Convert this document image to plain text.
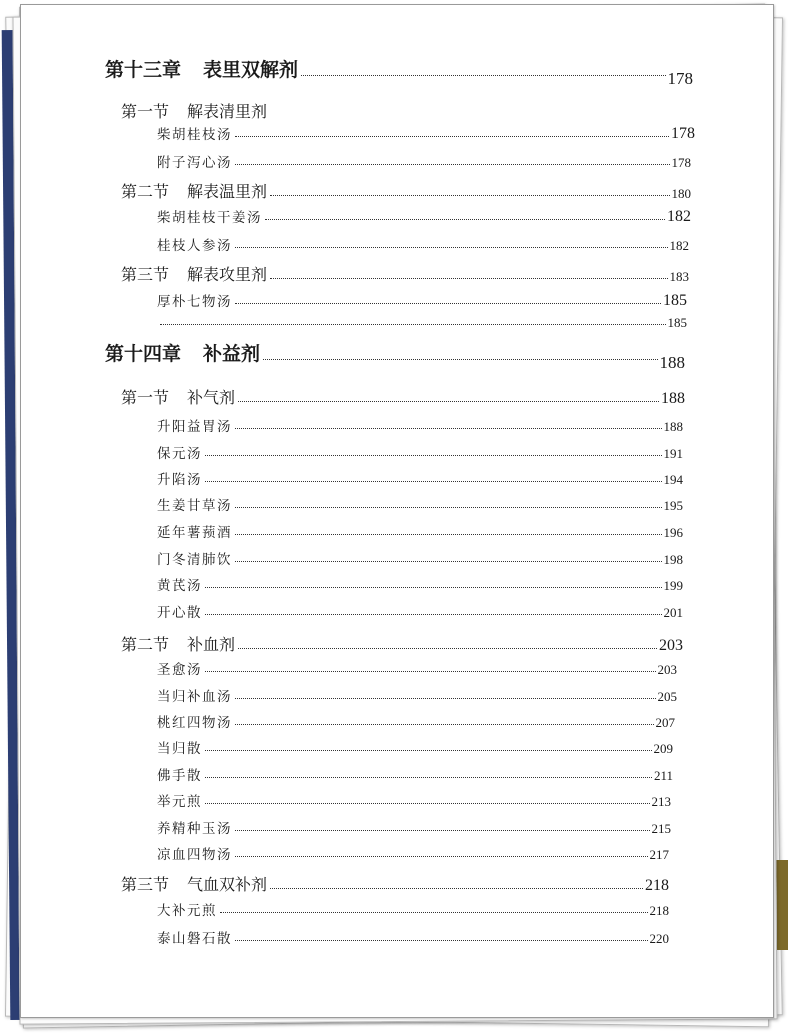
第十三章 表里双解剂	178
第一节 解表清里剂
柴胡桂枝汤	178
附子泻心汤	178
第二节 解表温里剂	180
柴胡桂枝干姜汤	182
桂枝人参汤	182
第三节 解表攻里剂	183
厚朴七物汤	185
185
第十四章 补益剂	188
第一节 补气剂	188
升阳益胃汤	188
保元汤	191
升陷汤	194
生姜甘草汤	195
延年薯蓣酒	196
门冬清肺饮	198
黄芪汤	199
开心散	201
第二节 补血剂	203
圣愈汤	203
当归补血汤	205
桃红四物汤	207
当归散	209
佛手散	211
举元煎	213
养精种玉汤	215
凉血四物汤	217
第三节 气血双补剂	218
大补元煎	218
泰山磐石散	220
